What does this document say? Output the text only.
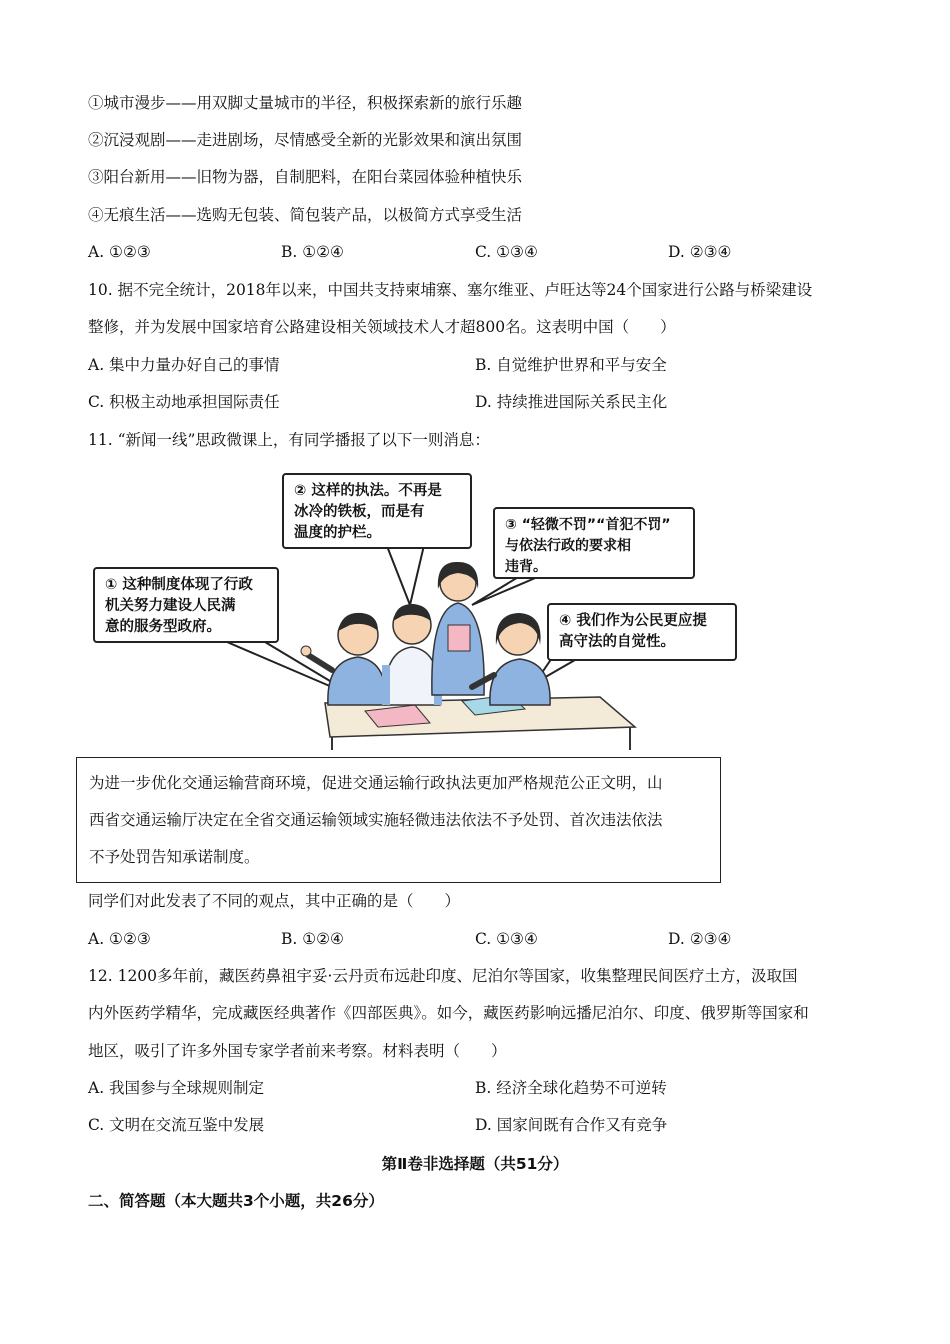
①城市漫步——用双脚丈量城市的半径，积极探索新的旅行乐趣
②沉浸观剧——走进剧场，尽情感受全新的光影效果和演出氛围
③阳台新用——旧物为器，自制肥料，在阳台菜园体验种植快乐
④无痕生活——选购无包装、简包装产品，以极简方式享受生活
A. ①②③	B. ①②④	C. ①③④	D. ②③④
10. 据不完全统计，2018年以来，中国共支持柬埔寨、塞尔维亚、卢旺达等24个国家进行公路与桥梁建设
整修，并为发展中国家培育公路建设相关领域技术人才超800名。这表明中国（　　）
A. 集中力量办好自己的事情	B. 自觉维护世界和平与安全
C. 积极主动地承担国际责任	D. 持续推进国际关系民主化
11. “新闻一线”思政微课上，有同学播报了以下一则消息：
① 这种制度体现了行政
机关努力建设人民满
意的服务型政府。
② 这样的执法。不再是
冰冷的铁板，而是有
温度的护栏。	③ “轻微不罚”“首犯不罚”
与依法行政的要求相
违背。
④ 我们作为公民更应提
高守法的自觉性。

为进一步优化交通运输营商环境，促进交通运输行政执法更加严格规范公正文明，山

西省交通运输厅决定在全省交通运输领域实施轻微违法依法不予处罚、首次违法依法

不予处罚告知承诺制度。

同学们对此发表了不同的观点，其中正确的是（　　）
A. ①②③	B. ①②④	C. ①③④	D. ②③④
12. 1200多年前，藏医药鼻祖宇妥·云丹贡布远赴印度、尼泊尔等国家，收集整理民间医疗土方，汲取国
内外医药学精华，完成藏医经典著作《四部医典》。如今，藏医药影响远播尼泊尔、印度、俄罗斯等国家和
地区，吸引了许多外国专家学者前来考察。材料表明（　　）
A. 我国参与全球规则制定	B. 经济全球化趋势不可逆转
C. 文明在交流互鉴中发展	D. 国家间既有合作又有竞争
第Ⅱ卷非选择题（共51分）
二、简答题（本大题共3个小题，共26分）
